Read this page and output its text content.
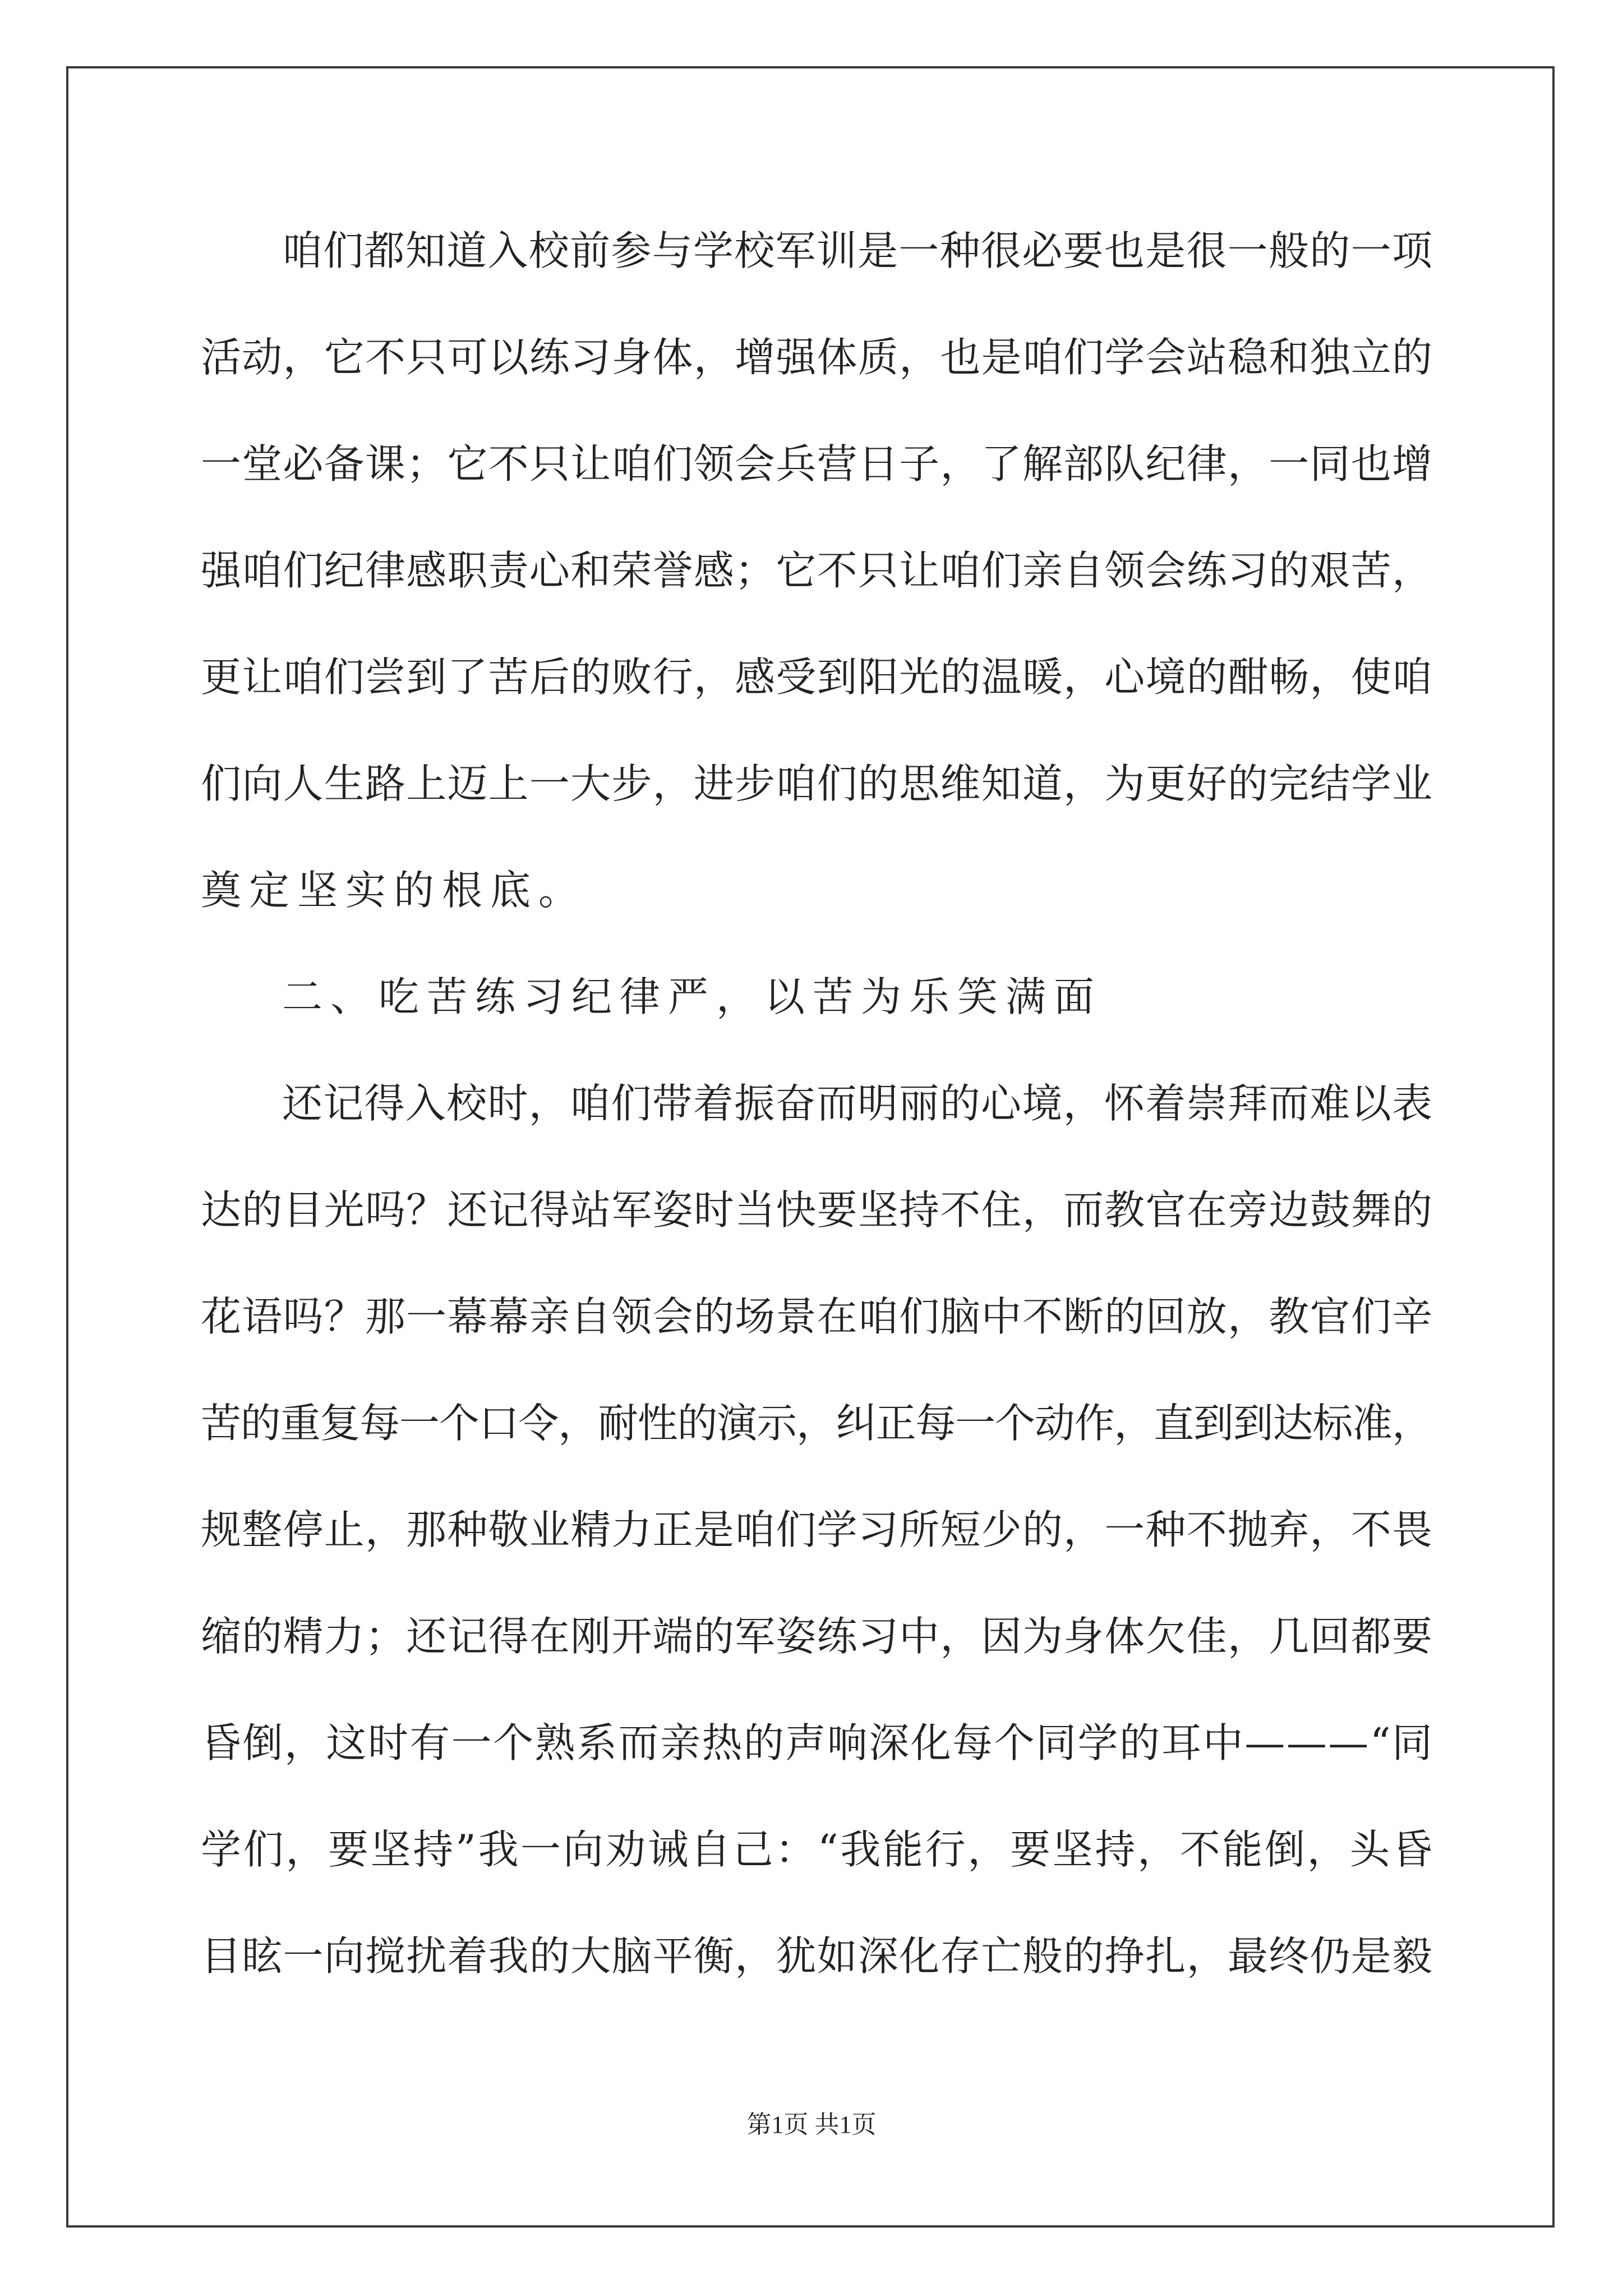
咱们都知道入校前参与学校军训是一种很必要也是很一般的一项
活动，它不只可以练习身体，增强体质，也是咱们学会站稳和独立的
一堂必备课；它不只让咱们领会兵营日子，了解部队纪律，一同也增
强咱们纪律感职责心和荣誉感；它不只让咱们亲自领会练习的艰苦，
更让咱们尝到了苦后的败行，感受到阳光的温暖，心境的酣畅，使咱
们向人生路上迈上一大步，进步咱们的思维知道，为更好的完结学业
奠定坚实的根底。
二、吃苦练习纪律严，以苦为乐笑满面
还记得入校时，咱们带着振奋而明丽的心境，怀着崇拜而难以表
达的目光吗？还记得站军姿时当快要坚持不住，而教官在旁边鼓舞的
花语吗？那一幕幕亲自领会的场景在咱们脑中不断的回放，教官们辛
苦的重复每一个口令，耐性的演示，纠正每一个动作，直到到达标准，
规整停止，那种敬业精力正是咱们学习所短少的，一种不抛弃，不畏
缩的精力；还记得在刚开端的军姿练习中，因为身体欠佳，几回都要
昏倒，这时有一个熟系而亲热的声响深化每个同学的耳中———“同
学们，要坚持”我一向劝诫自己：“我能行，要坚持，不能倒，头昏
目眩一向搅扰着我的大脑平衡，犹如深化存亡般的挣扎，最终仍是毅
第1页 共1页
